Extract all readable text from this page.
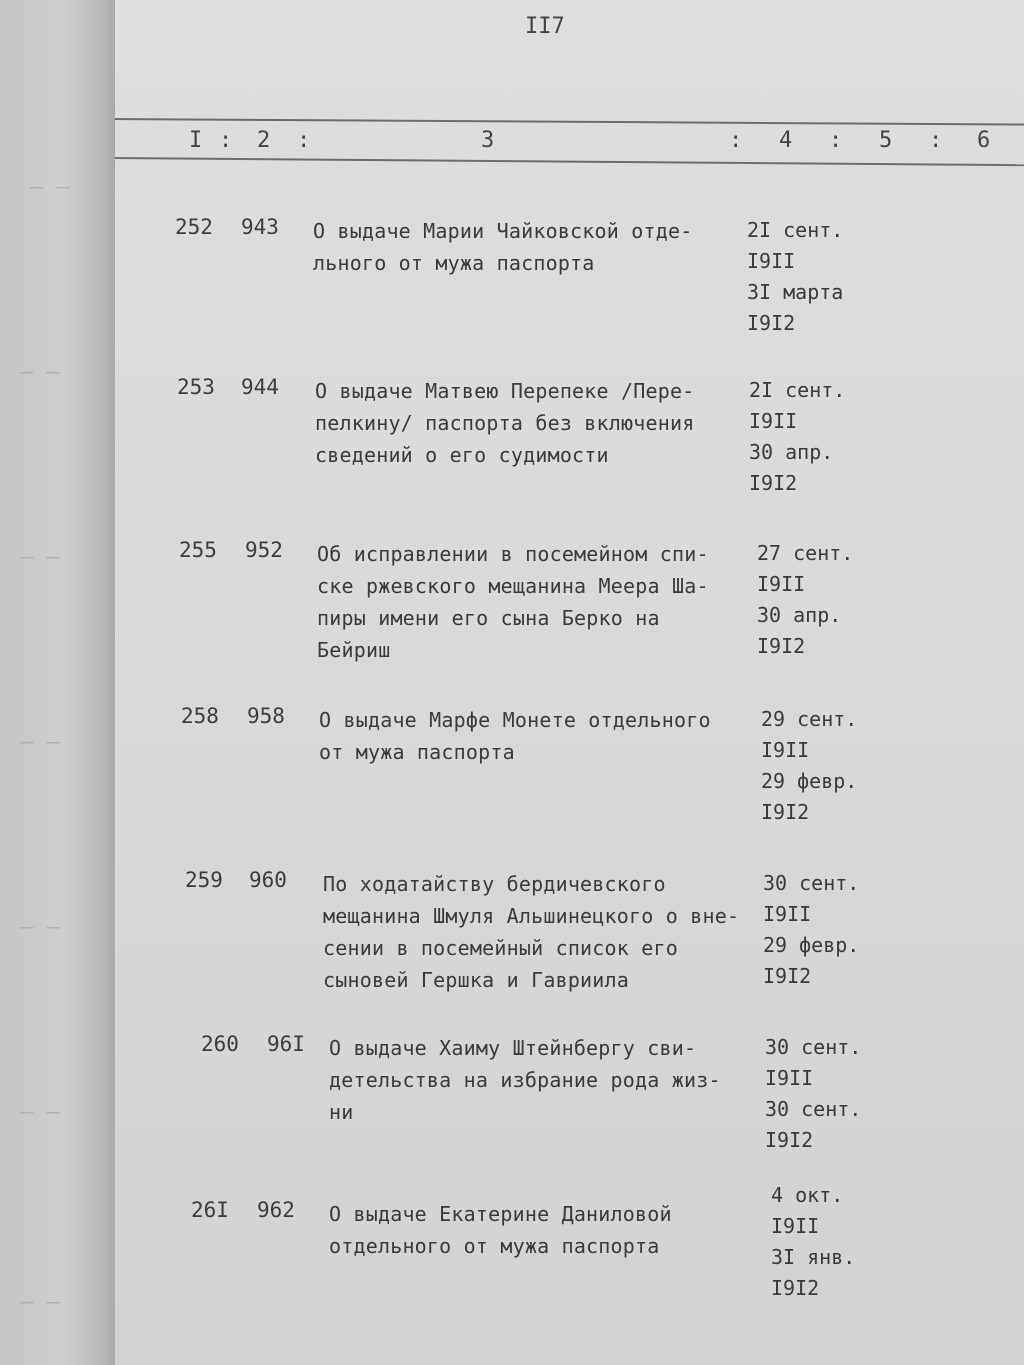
— —
— —
— —
— —
— —
— —
— —
II7
I : 2 :	3	: 4 : 5 : 6
252 943 О выдаче Марии Чайковской отде-
льного от мужа паспорта
2I сент.
I9II
3I марта
I9I2
253 944 О выдаче Матвею Перепеке /Пере-
пелкину/ паспорта без включения
сведений о его судимости
2I сент.
I9II
30 апр.
I9I2
255 952 Об исправлении в посемейном спи-
ске ржевского мещанина Меера Ша-
пиры имени его сына Берко на
Бейриш
27 сент.
I9II
30 апр.
I9I2
258 958 О выдаче Марфе Монете отдельного
от мужа паспорта
29 сент.
I9II
29 февр.
I9I2
259 960 По ходатайству бердичевского
мещанина Шмуля Альшинецкого о вне-
сении в посемейный список его
сыновей Гершка и Гавриила
30 сент.
I9II
29 февр.
I9I2
260 96I О выдаче Хаиму Штейнбергу сви-
детельства на избрание рода жиз-
ни
30 сент.
I9II
30 сент.
I9I2
26I 962 О выдаче Екатерине Даниловой
отдельного от мужа паспорта
4 окт.
I9II
3I янв.
I9I2
